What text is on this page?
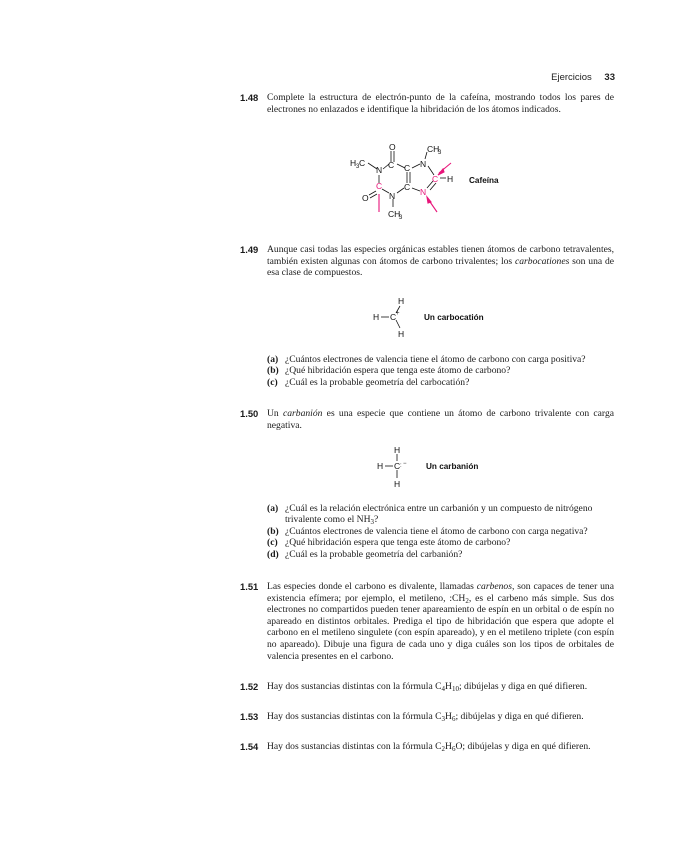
Ejercicios 33
1.48 Complete la estructura de electrón-punto de la cafeína, mostrando todos los pares de electrones no enlazados e identifique la hibridación de los átomos indicados.
O
C
H 3 C
N	C N
CH
3
C H
C N
N
C
O
CH
3
Cafeína
1.49 Aunque casi todas las especies orgánicas estables tienen átomos de carbono tetravalentes, también existen algunas con átomos de carbono trivalentes; los carbocationes son una de esa clase de compuestos.
H C +
H
H
Un carbocatión
(a) ¿Cuántos electrones de valencia tiene el átomo de carbono con carga positiva?
(b) ¿Qué hibridación espera que tenga este átomo de carbono?
(c) ¿Cuál es la probable geometría del carbocatión?
1.50 Un carbanión es una especie que contiene un átomo de carbono trivalente con carga negativa.
H C : −
H
H
Un carbanión
(a) ¿Cuál es la relación electrónica entre un carbanión y un compuesto de nitrógeno trivalente como el $NH_3$?
(b) ¿Cuántos electrones de valencia tiene el átomo de carbono con carga negativa?
(c) ¿Qué hibridación espera que tenga este átomo de carbono?
(d) ¿Cuál es la probable geometría del carbanión?
1.51 Las especies donde el carbono es divalente, llamadas carbenos, son capaces de tener una existencia efímera; por ejemplo, el metileno, $:CH_2$, es el carbeno más simple. Sus dos electrones no compartidos pueden tener apareamiento de espín en un orbital o de espín no apareado en distintos orbitales. Prediga el tipo de hibridación que espera que adopte el carbono en el metileno singulete (con espín apareado), y en el metileno triplete (con espín no apareado). Dibuje una figura de cada uno y diga cuáles son los tipos de orbitales de valencia presentes en el carbono.
1.52 Hay dos sustancias distintas con la fórmula $C_4H_{10}$; dibújelas y diga en qué difieren.
1.53 Hay dos sustancias distintas con la fórmula $C_3H_6$; dibújelas y diga en qué difieren.
1.54 Hay dos sustancias distintas con la fórmula $C_2H_6O$; dibújelas y diga en qué difieren.
